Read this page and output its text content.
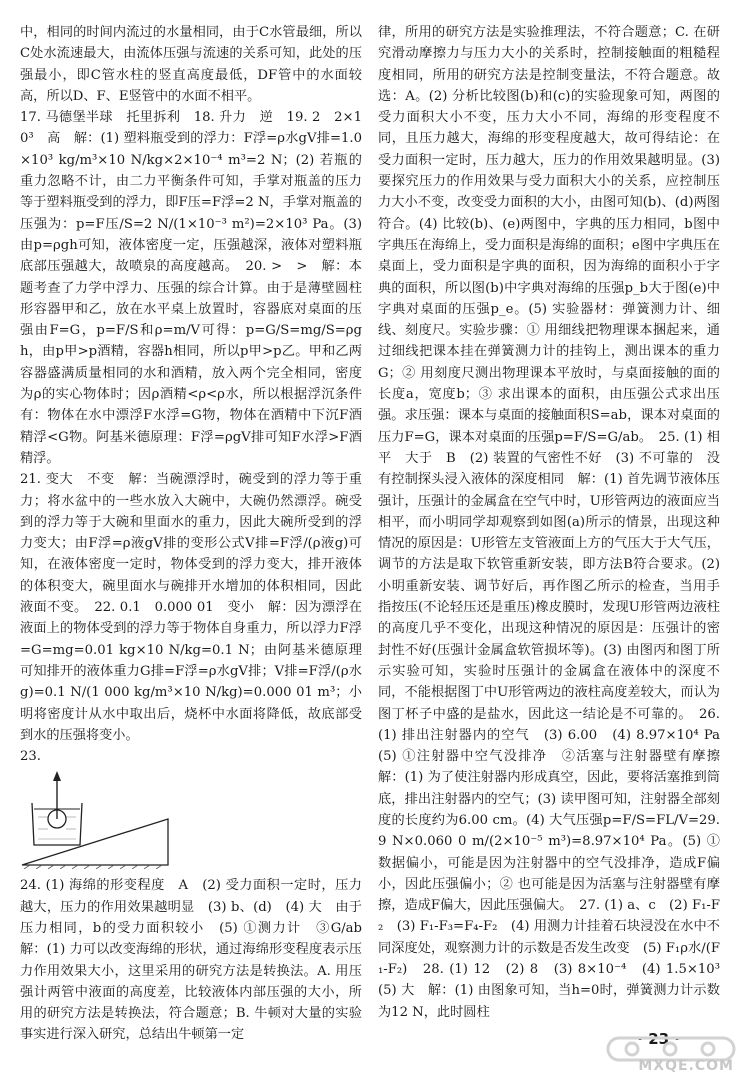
中，相同的时间内流过的水量相同，由于C水管最细，所以C处水流速最大，由流体压强与流速的关系可知，此处的压强最小，即C管水柱的竖直高度最低，DF管中的水面较高，所以D、F、E竖管中的水面不相平。

17. 马德堡半球　托里拆利　18. 升力　逆　19. 2　2×10³　高　解：(1) 塑料瓶受到的浮力：F浮=ρ水gV排=1.0×10³ kg/m³×10 N/kg×2×10⁻⁴ m³=2 N；(2) 若瓶的重力忽略不计，由二力平衡条件可知，手掌对瓶盖的压力等于塑料瓶受到的浮力，即F压=F浮=2 N，手掌对瓶盖的压强为：p=F压/S=2 N/(1×10⁻³ m²)=2×10³ Pa。(3) 由p=ρgh可知，液体密度一定，压强越深，液体对塑料瓶底部压强越大，故喷泉的高度越高。　20. >　>　解：本题考查了力学中浮力、压强的综合计算。由于是薄壁圆柱形容器甲和乙，放在水平桌上放置时，容器底对桌面的压强由F=G，p=F/S和ρ=m/V可得：p=G/S=mg/S=ρgh，由p甲>p酒精，容器h相同，所以p甲>p乙。甲和乙两容器盛满质量相同的水和酒精，放入两个完全相同，密度为ρ的实心物体时；因ρ酒精<ρ<ρ水，所以根据浮沉条件有：物体在水中漂浮F水浮=G物，物体在酒精中下沉F酒精浮<G物。阿基米德原理：F浮=ρgV排可知F水浮>F酒精浮。

21. 变大　不变　解：当碗漂浮时，碗受到的浮力等于重力；将水盆中的一些水放入大碗中，大碗仍然漂浮。碗受到的浮力等于大碗和里面水的重力，因此大碗所受到的浮力变大；由F浮=ρ液gV排的变形公式V排=F浮/(ρ液g)可知，在液体密度一定时，物体受到的浮力变大，排开液体的体积变大，碗里面水与碗排开水增加的体积相同，因此液面不变。　22. 0.1　0.000 01　变小　解：因为漂浮在液面上的物体受到的浮力等于物体自身重力，所以浮力F浮=G=mg=0.01 kg×10 N/kg=0.1 N；由阿基米德原理可知排开的液体重力G排=F浮=ρ水gV排；V排=F浮/(ρ水g)=0.1 N/(1 000 kg/m³×10 N/kg)=0.000 01 m³；小明将密度计从水中取出后，烧杯中水面将降低，故底部受到水的压强将变小。

23.

24. (1) 海绵的形变程度　A　(2) 受力面积一定时，压力越大，压力的作用效果越明显　(3) b、(d)　(4) 大　由于压力相同，b的受力面积较小　(5) ①测力计　③G/ab　解：(1) 力可以改变海绵的形状，通过海绵形变程度表示压力作用效果大小，这里采用的研究方法是转换法。A. 用压强计两管中液面的高度差，比较液体内部压强的大小，所用的研究方法是转换法，符合题意；B. 牛顿对大量的实验事实进行深入研究，总结出牛顿第一定

律，所用的研究方法是实验推理法，不符合题意；C. 在研究滑动摩擦力与压力大小的关系时，控制接触面的粗糙程度相同，所用的研究方法是控制变量法，不符合题意。故选：A。(2) 分析比较图(b)和(c)的实验现象可知，两图的受力面积大小不变，压力大小不同，海绵的形变程度不同，且压力越大，海绵的形变程度越大，故可得结论：在受力面积一定时，压力越大，压力的作用效果越明显。(3) 要探究压力的作用效果与受力面积大小的关系，应控制压力大小不变，改变受力面积的大小，由图可知(b)、(d)两图符合。(4) 比较(b)、(e)两图中，字典的压力相同，b图中字典压在海绵上，受力面积是海绵的面积；e图中字典压在桌面上，受力面积是字典的面积，因为海绵的面积小于字典的面积，所以图(b)中字典对海绵的压强p_b大于图(e)中字典对桌面的压强p_e。(5) 实验器材：弹簧测力计、细线、刻度尺。实验步骤：① 用细线把物理课本捆起来，通过细线把课本挂在弹簧测力计的挂钩上，测出课本的重力G；② 用刻度尺测出物理课本平放时，与桌面接触的面的长度a，宽度b；③ 求出课本的面积，由压强公式求出压强。求压强：课本与桌面的接触面积S=ab，课本对桌面的压力F=G，课本对桌面的压强p=F/S=G/ab。　25. (1) 相平　大于　B　(2) 装置的气密性不好　(3) 不可靠的　没有控制探头浸入液体的深度相同　解：(1) 首先调节液体压强计，压强计的金属盒在空气中时，U形管两边的液面应当相平，而小明同学却观察到如图(a)所示的情景，出现这种情况的原因是：U形管左支管液面上方的气压大于大气压，调节的方法是取下软管重新安装，即方法B符合要求。(2) 小明重新安装、调节好后，再作图乙所示的检查，当用手指按压(不论轻压还是重压)橡皮膜时，发现U形管两边液柱的高度几乎不变化，出现这种情况的原因是：压强计的密封性不好(压强计金属盒软管损坏等)。(3) 由图丙和图丁所示实验可知，实验时压强计的金属盒在液体中的深度不同，不能根据图丁中U形管两边的液柱高度差较大，而认为图丁杯子中盛的是盐水，因此这一结论是不可靠的。　26. (1) 排出注射器内的空气　(3) 6.00　(4) 8.97×10⁴ Pa　(5) ①注射器中空气没排净　②活塞与注射器壁有摩擦　解：(1) 为了使注射器内形成真空，因此，要将活塞推到筒底，排出注射器内的空气；(3) 读甲图可知，注射器全部刻度的长度约为6.00 cm。(4) 大气压强p=F/S=FL/V=29.9 N×0.060 0 m/(2×10⁻⁵ m³)=8.97×10⁴ Pa。(5) ① 数据偏小，可能是因为注射器中的空气没排净，造成F偏小，因此压强偏小；② 也可能是因为活塞与注射器壁有摩擦，造成F偏大，因此压强偏大。　27. (1) a、c　(2) F₁-F₂　(3) F₁-F₃=F₄-F₂　(4) 用测力计挂着石块浸没在水中不同深度处，观察测力计的示数是否发生改变　(5) F₁ρ水/(F₁-F₂)　28. (1) 12　(2) 8　(3) 8×10⁻⁴　(4) 1.5×10³　(5) 大　解：(1) 由图象可知，当h=0时，弹簧测力计示数为12 N，此时圆柱

· 23 ·
MXQE.COM
